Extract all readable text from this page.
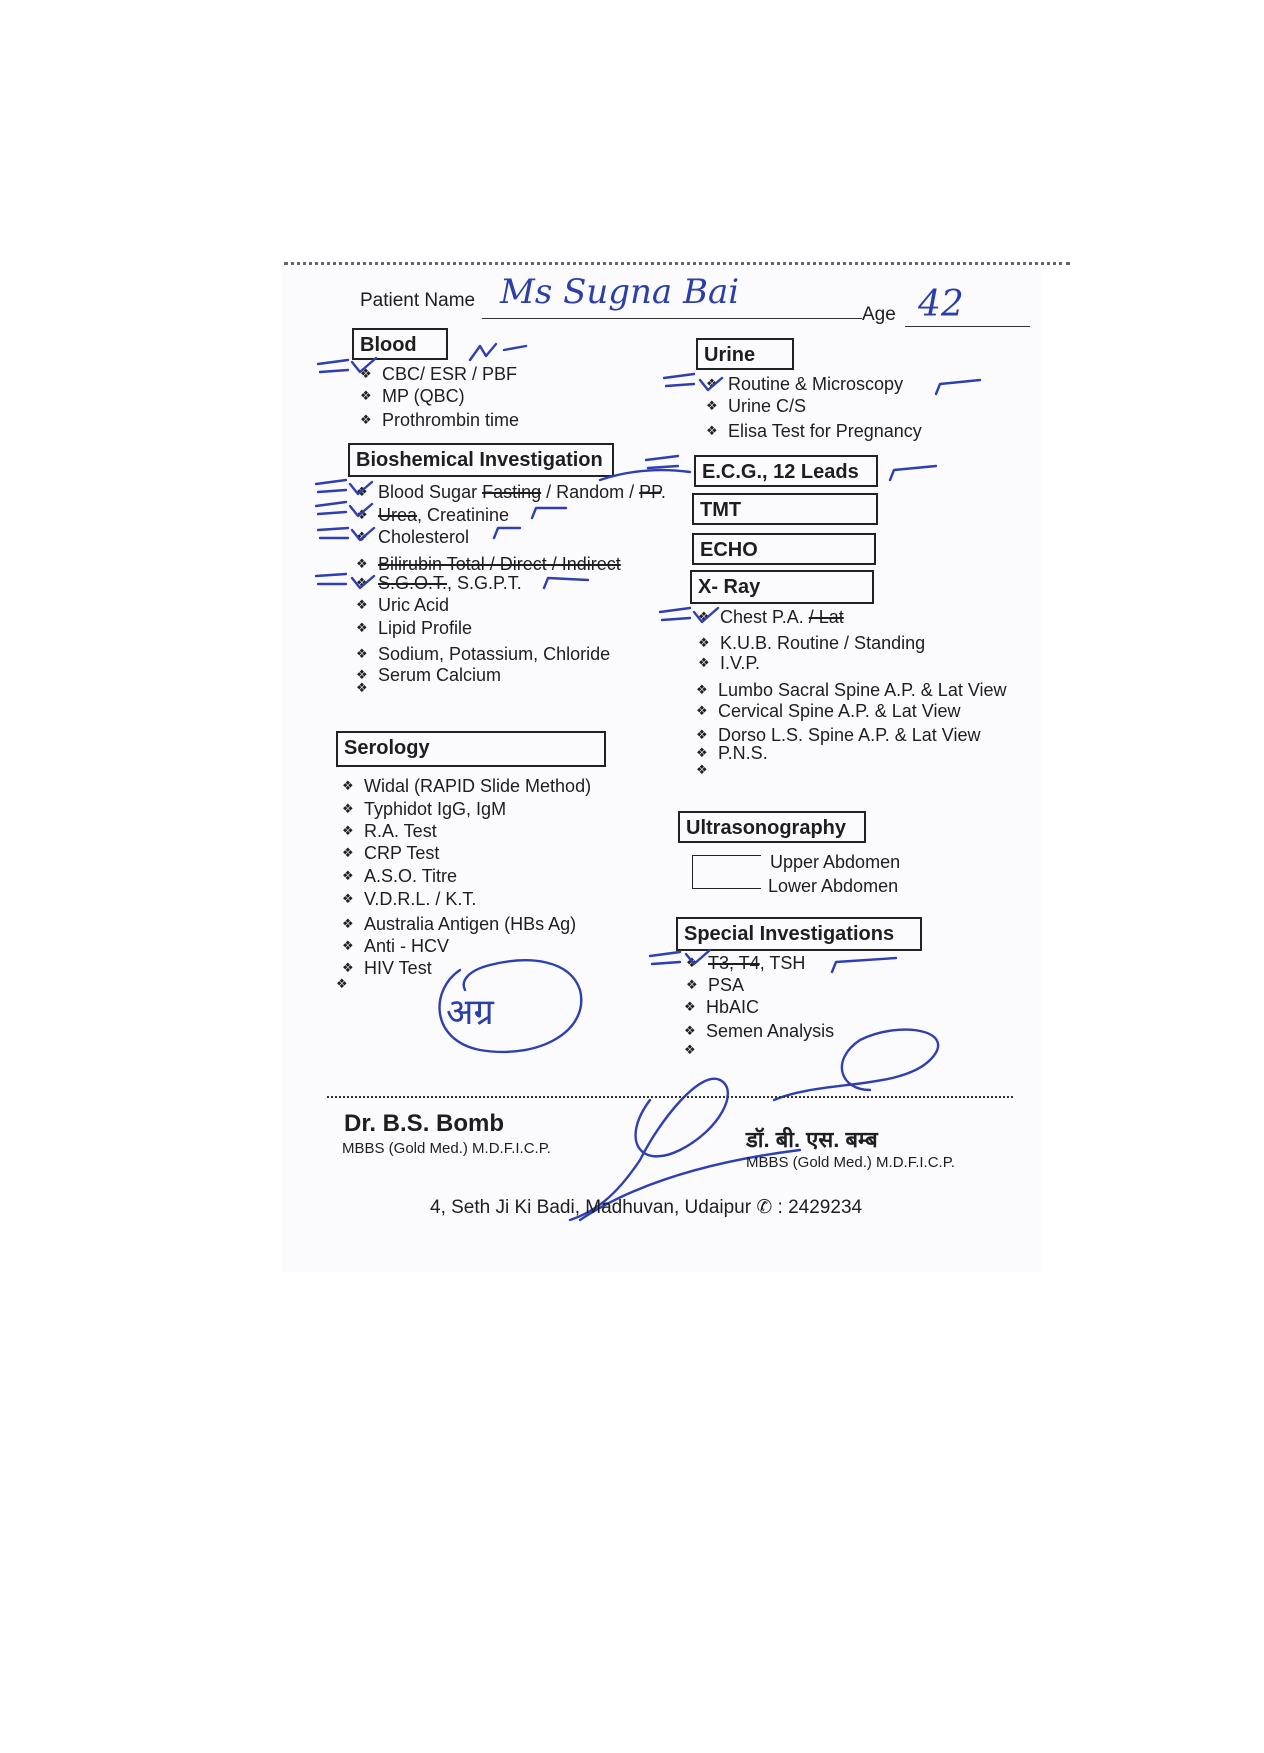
Patient Name Ms Sugna Bai
Age 42
Blood
❖ CBC/ ESR / PBF
❖ MP (QBC)
❖ Prothrombin time
Bioshemical Investigation
❖ Blood Sugar Fasting / Random / PP.
❖ Urea, Creatinine
❖ Cholesterol
❖ Bilirubin Total / Direct / Indirect
❖ S.G.O.T., S.G.P.T.
❖ Uric Acid
❖ Lipid Profile
❖ Sodium, Potassium, Chloride
❖ Serum Calcium
❖
Serology
❖ Widal (RAPID Slide Method)
❖ Typhidot IgG, IgM
❖ R.A. Test
❖ CRP Test
❖ A.S.O. Titre
❖ V.D.R.L. / K.T.
❖ Australia Antigen (HBs Ag)
❖ Anti - HCV
❖ HIV Test
❖
Urine
❖ Routine & Microscopy
❖ Urine C/S
❖ Elisa Test for Pregnancy
E.C.G., 12 Leads
TMT
ECHO
X- Ray
❖ Chest P.A. / Lat
❖ K.U.B. Routine / Standing
❖ I.V.P.
❖ Lumbo Sacral Spine A.P. & Lat View
❖ Cervical Spine A.P. & Lat View
❖ Dorso L.S. Spine A.P. & Lat View
❖ P.N.S.
❖
Ultrasonography
Upper Abdomen
Lower Abdomen
Special Investigations
❖ T3, T4, TSH
❖ PSA
❖ HbAIC
❖ Semen Analysis
❖
अग्र
Dr. B.S. Bomb
MBBS (Gold Med.) M.D.F.I.C.P.	डॉ. बी. एस. बम्ब
MBBS (Gold Med.) M.D.F.I.C.P.
4, Seth Ji Ki Badi, Madhuvan, Udaipur ✆ : 2429234
